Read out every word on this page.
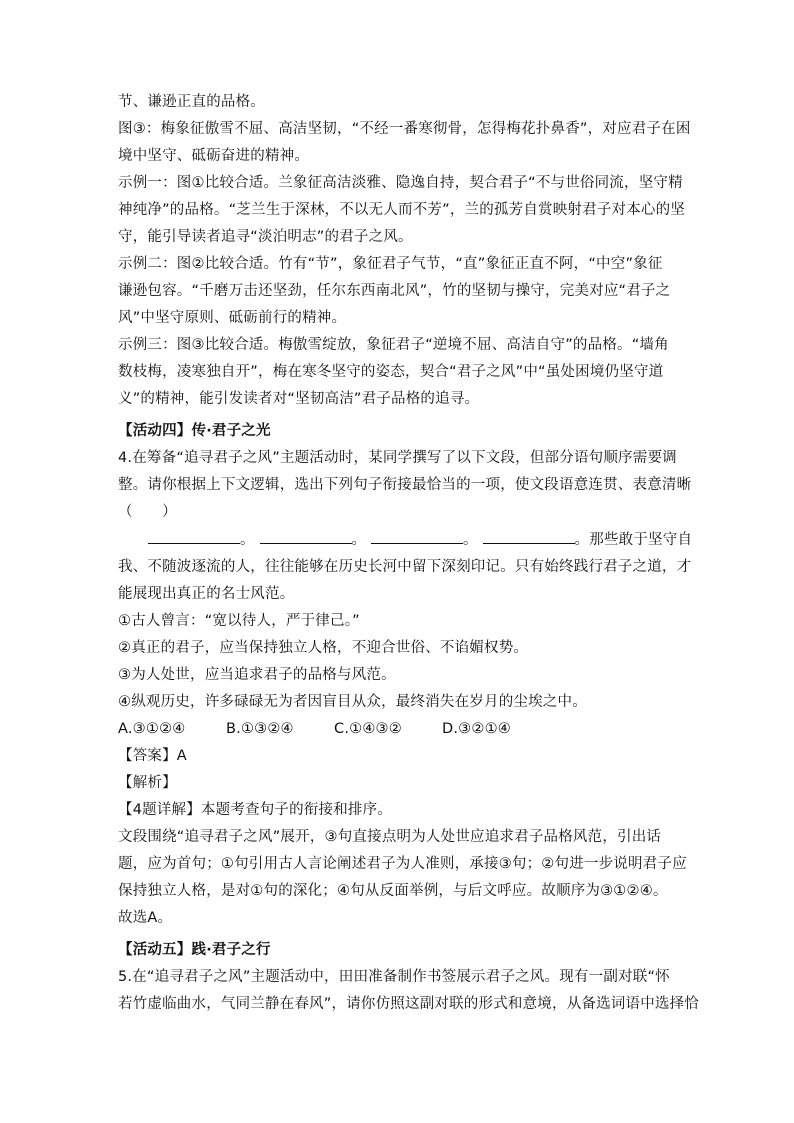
节、谦逊正直的品格。

图③：梅象征傲雪不屈、高洁坚韧，“不经一番寒彻骨，怎得梅花扑鼻香”，对应君子在困

境中坚守、砥砺奋进的精神。

示例一：图①比较合适。兰象征高洁淡雅、隐逸自持，契合君子“不与世俗同流，坚守精

神纯净”的品格。“芝兰生于深林，不以无人而不芳”，兰的孤芳自赏映射君子对本心的坚

守，能引导读者追寻“淡泊明志”的君子之风。

示例二：图②比较合适。竹有“节”，象征君子气节，“直”象征正直不阿，“中空”象征

谦逊包容。“千磨万击还坚劲，任尔东西南北风”，竹的坚韧与操守，完美对应“君子之

风”中坚守原则、砥砺前行的精神。

示例三：图③比较合适。梅傲雪绽放，象征君子“逆境不屈、高洁自守”的品格。“墙角

数枝梅，凌寒独自开”，梅在寒冬坚守的姿态，契合“君子之风”中“虽处困境仍坚守道

义”的精神，能引发读者对“坚韧高洁”君子品格的追寻。

【活动四】传·君子之光

4.在筹备“追寻君子之风”主题活动时，某同学撰写了以下文段，但部分语句顺序需要调

整。请你根据上下文逻辑，选出下列句子衔接最恰当的一项，使文段语意连贯、表意清晰

（　　）

。	。	。	。那些敢于坚守自

我、不随波逐流的人，往往能够在历史长河中留下深刻印记。只有始终践行君子之道，才

能展现出真正的名士风范。

①古人曾言：“宽以待人，严于律己。”

②真正的君子，应当保持独立人格，不迎合世俗、不谄媚权势。

③为人处世，应当追求君子的品格与风范。

④纵观历史，许多碌碌无为者因盲目从众，最终消失在岁月的尘埃之中。

A.③①②④	B.①③②④	C.①④③②	D.③②①④

【答案】A

【解析】

【4题详解】本题考查句子的衔接和排序。

文段围绕“追寻君子之风”展开，③句直接点明为人处世应追求君子品格风范，引出话

题，应为首句；①句引用古人言论阐述君子为人准则，承接③句；②句进一步说明君子应

保持独立人格，是对①句的深化；④句从反面举例，与后文呼应。故顺序为③①②④。

故选A。

【活动五】践·君子之行

5.在“追寻君子之风”主题活动中，田田准备制作书签展示君子之风。现有一副对联“怀

若竹虚临曲水，气同兰静在春风”，请你仿照这副对联的形式和意境，从备选词语中选择恰
